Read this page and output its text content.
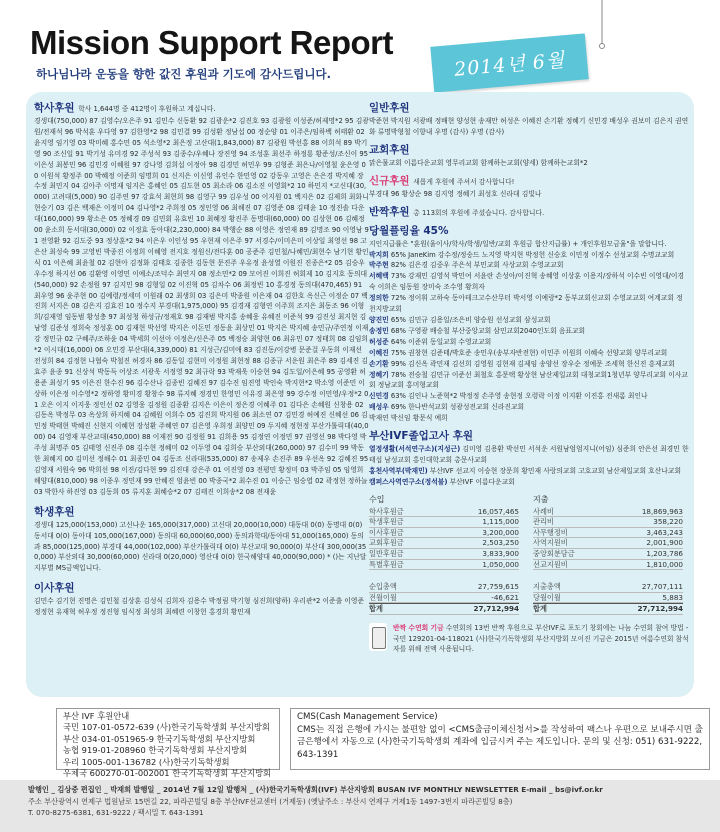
Mission Support Report
하나님나라 운동을 향한 값진 후원과 기도에 감사드립니다.	2014년 6월
학사후원 학사 1,644명 중 412명이 후원하고 계십니다.
경생대(750,000) 87 김영수/오은주 91 김민수 신동환 92 김광운*2 김진호 93 김광원 이성준/허제명*2 95 김광원/전재석 96 박석훈 우다영 97 김한영*2 98 김민결 99 김성환 정남섭 00 정순양 01 이주은/임하백 허태환 02 윤지영 임기영 03 박미혜 홍수민 05 석소영*2 최은정 고산대(1,843,000) 87 김광원 박선홍 88 이희석 89 박기영 90 조신일 91 박기성 유미경 92 주성석 93 김종수/우혜나 장진영 94 조성훈 최선주 하정룡 황준성/조신이 95 이은성 최봉민 96 김민경 이혜원 97 강나영 김희섭 이정아 98 김경민 허민우 99 김형준 최은나/이영철 윤은영 00 이원석 황정주 00 박혜정 이준희 임명희 01 신지은 이신영 유인수 한민영 02 강동우 고영은 은은경 박지혜 장수정 최민지 04 김아주 이명재 임지은 홍혜인 05 김도현 05 최소라 06 김소진 이영회*2 10 하민지 *고신대(30,000) 고려대(5,000) 90 김주연 97 강효석 최현희 98 김영구 99 김우성 00 이지원 01 백지은 02 김제희 최화니 현승기 03 김은 백재은 이정미 04 김나영*2 주희정 05 정인영 06 최해진 07 김영준 08 김태윤 10 정진솔 다운대(160,000) 99 황소은 05 정혜경 09 김민회 유효빈 10 최혜정 황진주 동명대(60,000) 00 김상현 06 김혜정 00 윤소희 동서대(30,000) 02 이정효 동아대(2,230,000) 84 박행순 88 이영은 정연재 89 김명조 90 이영남 91 전영환 92 김도중 93 정상훈*2 94 이은우 이인성 95 우현재 이은주 97 서경수/이미은미 이상일 최영선 98 고은산 최성숙 99 고영빈 박종진 이정희 이혜영 전지호 정원신/전다훈 00 공준주 김민철/나혜민/최현수 남기현 황인식 01 이은혜 최윤철 02 김현아 김정화 김태호 김종한 김동현 문진주 우유정 윤성열 이원진 진종은*2 05 김승우 우수정 하지선 06 김환영 이영민 이예소/조덕수 최연지 08 정소민*2 09 모어진 이희진 허회제 10 김지호 동의대(540,000) 92 손정원 97 김지민 98 김형일 02 이진혁 05 김차수 06 최정빈 10 홍경정 동의대(470,465) 91 최우영 96 윤주현 00 김예령/정세미 이원래 02 최생희 03 김은미 박종원 이은재 04 김한호 옥신근 이정순 07 백진희 서지은 08 김은지 김효진 10 정수지 부경대(1,975,000) 95 김경재 김형연 이주희 조지은 최동조 96 이형희/김재영 임동범 황성충 97 최성청 하성규/정재호 98 김재범 박지홍 송혜웅 유혜진 이준석 99 김진성 최지현 김남영 김준성 정희숙 정성훈 00 김재현 박선영 박지은 이돈민 정동윤 최상민 01 박지은 박지혜 송민규/주연정 이재강 정민규 02 구혜주/조하윤 04 박세희 이선아 이정은/신은주 05 백정승 최양현 06 최유민 07 정태희 08 김임희*2 이시대(16,000) 06 오민경 부산대(4,339,000) 81 지성근/김미애 83 김진동/이강병 문준걸 우동희 이재선 전성희 84 김정현 나협숙 박철진 허경자 86 김동일 김현미 이정원 최현정 88 김종규 서운원 최은주 89 김세진 김효주 윤종 91 신상석 박동득 어상조 서광욱 서정영 92 최규락 93 박재욱 이승현 94 김도일/이은혜 95 공영환 허용준 최성기 95 이은진 한수진 96 김수산나 김종빈 김혜진 97 김수진 임진영 박인숙 박지현*2 박소영 이준민 이상하 이은정 이수영*2 정하영 황미경 황창수 98 류지혜 정경민 한영민 이유경 최은영 99 강수정 이민영/우정*2 01 오은 이지 이지웅 정인선 02 김영웅 김정원 김종환 김지은 이은이 정은경 이혜주 01 김다은 손혜원 신창용 02 김동옥 박정무 03 옥상희 하지혜 04 김혜원 이희수 05 김진희 박지원 06 최소연 07 김민경 허예진 신혜선 06 김민정 박태현 박혜진 신현지 이혜현 장성환 주혜연 07 김은영 우희정 최양민 09 두지혜 정현정 부산가톨릭대(40,000) 04 김영재 부산교대(450,000) 88 이재전 90 김정원 91 김희용 95 김정연 이정민 97 권영선 98 박다영 박주성 최명주 05 김태영 신진주 08 김수현 정혜미 02 이두영 04 김희승 부산외대(260,000) 97 김수미 99 박동한 최혜지 00 김미선 정해수 01 최종민 04 김동조 신라대(535,000) 87 송제우 손진주 89 우선옥 92 김혜진 95 김영재 서원숙 96 박희선 98 이진/김다현 99 김진대 강은주 01 이진영 03 전평민 황정미 03 박주임 05 임영희 해양대(810,000) 98 이종우 정민재 99 안혜진 엄윤빈 00 박종국*2 최수진 01 이승근 임승엽 02 곽정현 정하늘 03 박한사 하진영 03 김동희 05 류지훈 최혜승*2 07 김태진 이희송*2 08 전재윤
학생후원
경생대 125,000(153,000) 고신나운 165,000(317,000) 고신대 20,000(10,000) 대동대 0(0) 동명대 0(0) 동서대 0(0) 동아대 105,000(167,000) 동의대 60,000(60,000) 동의과학대/동아대 51,000(165,000) 동의과 85,000(125,000) 부경대 44,000(102,000) 부산가톨릭대 0(0) 부산교대 90,000(0) 부산대 300,000(350,000) 부산외대 30,000(60,000) 신라대 0(20,000) 영산대 0(0) 한국해양대 40,000(90,000) * ()는 지난달 지부별 MS금액입니다.
이사후원
김민수 김기현 진명은 김민철 김상훈 김성식 김희자 김용수 박정림 박기형 심진희(양하) 우리관*2 이준출 이영준 정정현 유재혁 허우정 정진형 임식정 최성희 최혜련 이창헌 홍경희 황민재
일반후원
박준현 박지원 서광배 정배현 양성현 송재만 허성은 이혜진 손기환 정혜기 신민경 배성우 권보미 김은지 권연화 류명박형철 이향내 우명 (감사) 우명 (감사)
교회후원
맑은물교회 이름다운교회 영무리교회 함께하는교회(양세) 함께하는교회*2
신규후원 새롭게 후원에 주셔서 감사합니다!
부경대 96 황상순 98 김지영 정혜기 최성호 신라대 김빛나
반짝후원 총 113회의 후원에 주셨습니다. 감사합니다.
당월플링율 45%
지인지급률은 "훈원(울이사/학사/학생/일반/교회 후원금 합산지급률) + 개인후원모금율"을 말합니다.
박지희 65% JaneKim 강수정/정숭드 노지영 박지현 박정헌 신승호 이민정 이정수 선성교회 수명교교회
박주현 82% 김은경 김중우 주은석 부민교회 사상교회 수영교교회
서혜백 73% 강재민 김영석 박민여 서윤란 손성아/이진혁 송혜영 이상훈 이용지/장하석 이수빈 이영대/이경숙 이희은 임동원 장미숙 조수영 황희자
정의한 72% 정이휘 고하숙 동아테크고수산무터 박서영 이예랑*2 동부교회신교회 수영교교회 여계교회 정천지방교회
양진민 65% 김민규 김용일/조은비 양승원 선성교회 삼성교회
송정민 68% 구영광 배승철 부산중앙교회 삼민교회2040인도회 음표교회
허성준 64% 이준위 동일교회 수영교교회
이혜진 75% 권창현 김준태/박호준 송민우(송부자반전현) 이민주 이원희 이혜숙 선양교회 양무리교회
손기환 99% 김신옥 곽민재 김선희 김영원 김현재 김제임 송양선 장우순 정예문 조세혁 한신진 흥제교회
정혜기 78% 전승철 김민규 이준선 최철호 홍문택 황상현 남산제일교회 대청교회1청년부 양무리교회 이사교회 정남교회 홍미형교회
신민경 63% 김인나 노준혁*2 박정정 손주영 송현정 오령락 이정 이지환 이진홍 전새롬 최인나
배성우 69% 한나반석교회 성광성전교회 신라진교회
박재연 박신임 황문식 예희
부산IVF졸업고사 후원
열정생활(서석연구소)(지성근) 김미영 김용환 박선민 서석운 서원남엄엄지니(어임) 심준희 안은선 최경민 한태섭 남성교회 홍인대학교회 총문사교회
홍천사역부(박재민) 부산IVF 선교지 이승현 장문희 황민재 사랑의교회 고호교회 남산제일교회 호산나교회
캠퍼스사역연구소(정석불) 부산IVF 이름다운교회
수입
학사후원금	16,057,465
학생후원금	1,115,000
이사후원금	3,200,000
교회후원금	2,503,250
일반후원금	3,833,900
특별후원금	1,050,000
순입총액	27,759,615
전월이월	-46,621
합계	27,712,994
지출
사례비	18,869,963
관리비	358,220
사무행정비	3,463,243
사역지원비	2,001,900
중앙회분담금	1,203,786
선교지원비	1,810,000
지출총액	27,707,111
당월이월	5,883
합계	27,712,994
반짝 수연회 기금 수연회의 13번 반짝 후원으로 부산IVF로 포도기 창회에는 나눔 수연회 참여 방법 - 국민 129201-04-118021 (사)한국기독학생회 부산지방회 모이진 기금은 2015년 여름수연회 참석자를 위해 전액 사용됩니다.
부산 IVF 후원안내
국민 107-01-0572-639 (사)한국기독학생회 부산지방회
부산 034-01-051965-9 한국기독학생회 부산지방회
농협 919-01-208960 한국기독학생회 부산지방회
우리 1005-001-136782 (사)한국기독학생회
우체국 600270-01-002001 한국기독학생회 부산지방회
CMS(Cash Management Service)
CMS는 직접 은행에 가시는 불편함 없이 <CMS출금이체신청서>를 작성하여 팩스나 우편으로 보내주시면 출금은행에서 자동으로 (사)한국기독학생회 계좌에 입금시켜 주는 제도입니다. 문의 및 신청: 051) 631-9222, 643-1391
발행인 _ 김상중 편집인 _ 박재희 발행일 _ 2014년 7월 12일 발행처 _ (사)한국기독학생회(IVF) 부산지방회 BUSAN IVF MONTHLY NEWSLETTER E-mail _ bs@ivf.or.kr
주소 부산광역시 연제구 법원남로 15번길 22, 파라곤빌딩 8층 부산IVF선교센터 (거제동) (옛날주소 : 부산시 연제구 거제1동 1497-3번지 파라곤빌딩 8층)
T. 070-8275-6381, 631-9222 / 팩시밀 T. 643-1391
